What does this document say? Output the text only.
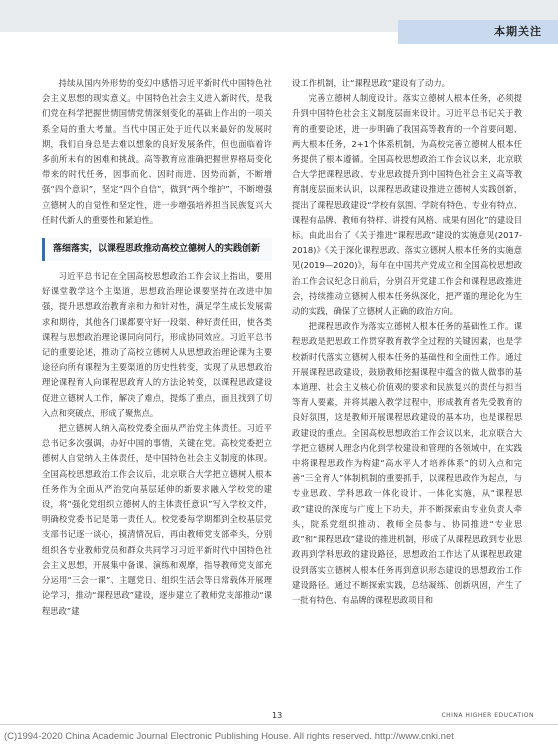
本期关注

持续从国内外形势的变幻中感悟习近平新时代中国特色社会主义思想的现实意义。中国特色社会主义进入新时代，是我们党在科学把握世情国情党情深刻变化的基础上作出的一项关系全局的重大考量。当代中国正处于近代以来最好的发展时期，我们自身总是去难以想象的良好发展条件，但也面临着许多前所未有的困难和挑战。高等教育应准确把握世界格局变化带来的时代任务，因事而化、因时而进、因势而新，不断增强“四个意识”，坚定“四个自信”，做到“两个维护”，不断增强立德树人的自觉性和坚定性，进一步增强培养担当民族复兴大任时代新人的重要性和紧迫性。

落细落实，以课程思政推动高校立德树人的实践创新

习近平总书记在全国高校思想政治工作会议上指出，要用好课堂教学这个主渠道，思想政治理论课要坚持在改进中加强，提升思想政治教育亲和力和针对性，满足学生成长发展需求和期待，其他各门课都要守好一段渠、种好责任田，使各类课程与思想政治理论课同向同行，形成协同效应。习近平总书记的重要论述，推动了高校立德树人从思想政治理论课为主要途径向所有课程为主要渠道的历史性转变，实现了从思想政治理论课程育人向课程思政育人的方法论转变，以课程思政建设促进立德树人工作，解决了难点，提炼了重点，面且找到了切入点和突破点，形成了聚焦点。

把立德树人纳入高校党委全面从严治党主体责任。习近平总书记多次强调，办好中国的事情，关键在党。高校党委把立德树人自觉纳入主体责任，是中国特色社会主义制度的体现。全国高校思想政治工作会议后，北京联合大学把立德树人根本任务作为全面从严治党向基层延伸的新要求融入学校党的建设，将“强化党组织立德树人的主体责任意识”写入学校文件，明确校党委书记是第一责任人。校党委每学期都到全校基层党支部书记逐一谈心，摸清情况后，再由教师党支部牵头，分别组织各专业教师党员和群众共同学习习近平新时代中国特色社会主义思想，开展集中备课、演练和观摩，指导教师党支部充分运用“三会一课”、主题党日、组织生活会等日常载体开展理论学习，推动“课程思政”建设，逐步建立了教师党支部推动“课程思政”建

设工作机制，让“课程思政”建设有了动力。

完善立德树人制度设计。落实立德树人根本任务，必须提升到中国特色社会主义制度层面来设计。习近平总书记关于教育的重要论述，进一步明确了我国高等教育的一个首要问题、两大根本任务，2+1个体系机制，为高校完善立德树人根本任务提供了根本遵循。全国高校思想政治工作会议以来，北京联合大学把课程思政、专业思政提升到中国特色社会主义高等教育制度层面来认识，以课程思政建设推进立德树人实践创新，提出了课程思政建设“学校有氛围、学院有特色、专业有特点、课程有品牌、教师有特样、讲授有风格、成果有固化”的建设目标。由此出台了《关于推进“课程思政”建设的实施意见(2017-2018)》《关于深化课程思政、落实立德树人根本任务的实施意见(2019—2020)》，每年在中国共产党成立和全国高校思想政治工作会议纪念日前后，分别召开党建工作会和课程思政推进会，持续推动立德树人根本任务纵深化，把严谨的理论化为生动的实践，确保了立德树人正确的政治方向。

把课程思政作为落实立德树人根本任务的基础性工作。课程思政是把思政工作贯穿教育教学全过程的关键因素，也是学校新时代落实立德树人根本任务的基础性和全面性工作。通过开展课程思政建设，鼓励教师挖掘课程中蕴含的做人做事的基本道理、社会主义核心价值观的要求和民族复兴的责任与担当等育人要素，并将其融入教学过程中，形成教育者先受教育的良好氛围，这是教师开展课程思政建设的基本功，也是课程思政建设的重点。全国高校思想政治工作会议以来，北京联合大学把立德树人理念内化到学校建设和管理的各领域中，在实践中将课程思政作为构建“高水平人才培养体系”的切入点和完善“三全育人”体制机制的重要抓手，以课程思政作为起点，与专业思政、学科思政一体化设计、一体化实施，从“课程思政”建设的深度与广度上下功夫，并不断探索由专业负责人牵头，院系党组织推动、教师全员参与、协同推进“专业思政”和“课程思政”建设的推进机制，形成了从课程思政到专业思政再到学科思政的建设路径，思想政治工作达了从课程思政建设到落实立德树人根本任务再到意识形态建设的思想政治工作建设路径。通过不断探索实践，总结凝练、创新巩固，产生了一批有特色、有品牌的课程思政项目和

13	CHINA HIGHER EDUCATION
(C)1994-2020 China Academic Journal Electronic Publishing House. All rights reserved. http://www.cnki.net
